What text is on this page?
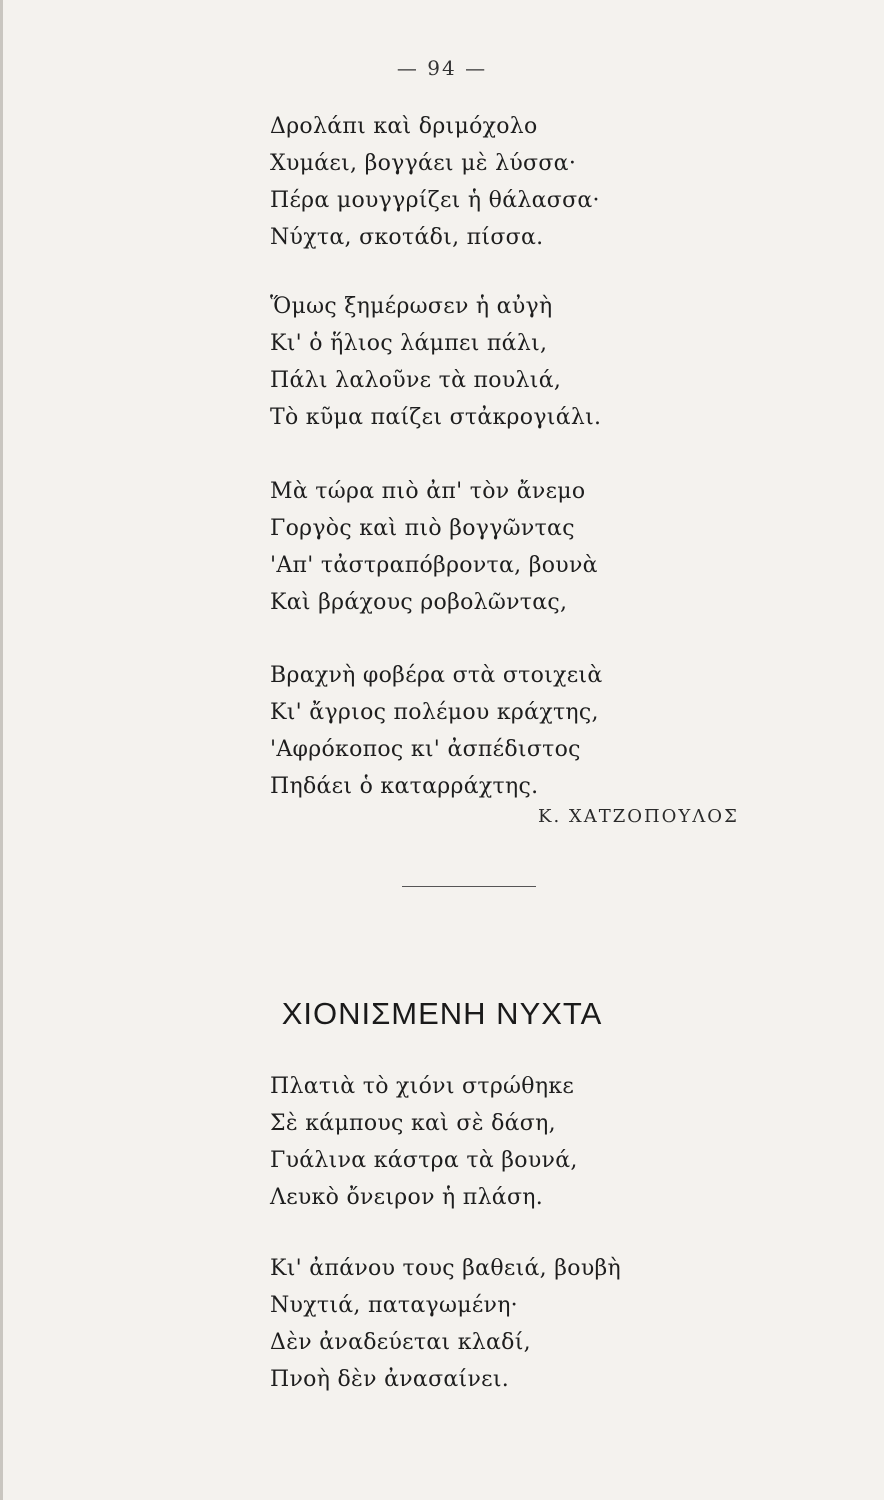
— 94 —
Δρολάπι καὶ δριμόχολο
Χυμάει, βογγάει μὲ λύσσα·
Πέρα μουγγρίζει ἡ θάλασσα·
Νύχτα, σκοτάδι, πίσσα.
Ὅμως ξημέρωσεν ἡ αὐγὴ
Κι' ὁ ἥλιος λάμπει πάλι,
Πάλι λαλοῦνε τὰ πουλιά,
Τὸ κῦμα παίζει στἀκρογιάλι.
Μὰ τώρα πιὸ ἀπ' τὸν ἄνεμο
Γοργὸς καὶ πιὸ βογγῶντας
'Απ' τἀστραπόβροντα, βουνὰ
Καὶ βράχους ροβολῶντας,
Βραχνὴ φοβέρα στὰ στοιχειὰ
Κι' ἄγριος πολέμου κράχτης,
'Αφρόκοπος κι' ἀσπέδιστος
Πηδάει ὁ καταρράχτης.
Κ. ΧΑΤΖΟΠΟΥΛΟΣ
ΧΙΟΝΙΣΜΕΝΗ ΝΥΧΤΑ
Πλατιὰ τὸ χιόνι στρώθηκε
Σὲ κάμπους καὶ σὲ δάση,
Γυάλινα κάστρα τὰ βουνά,
Λευκὸ ὄνειρον ἡ πλάση.
Κι' ἀπάνου τους βαθειά, βουβὴ
Νυχτιά, παταγωμένη·
Δὲν ἀναδεύεται κλαδί,
Πνοὴ δὲν ἀνασαίνει.
